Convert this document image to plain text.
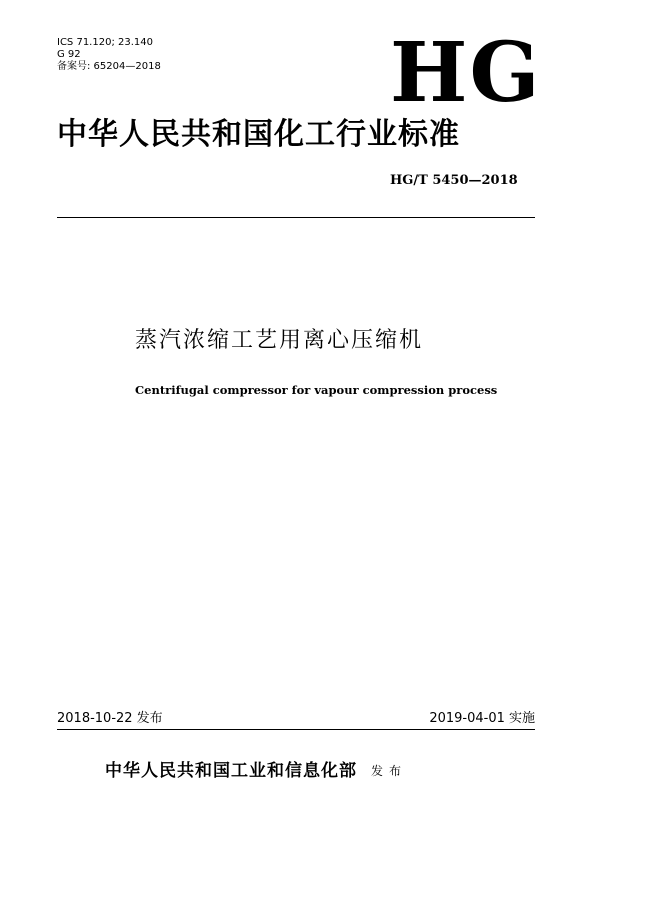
ICS 71.120; 23.140
G 92
备案号: 65204—2018	HG
中华人民共和国化工行业标准
HG/T 5450—2018
蒸汽浓缩工艺用离心压缩机
Centrifugal compressor for vapour compression process
2018-10-22 发布	2019-04-01 实施
中华人民共和国工业和信息化部 发布
